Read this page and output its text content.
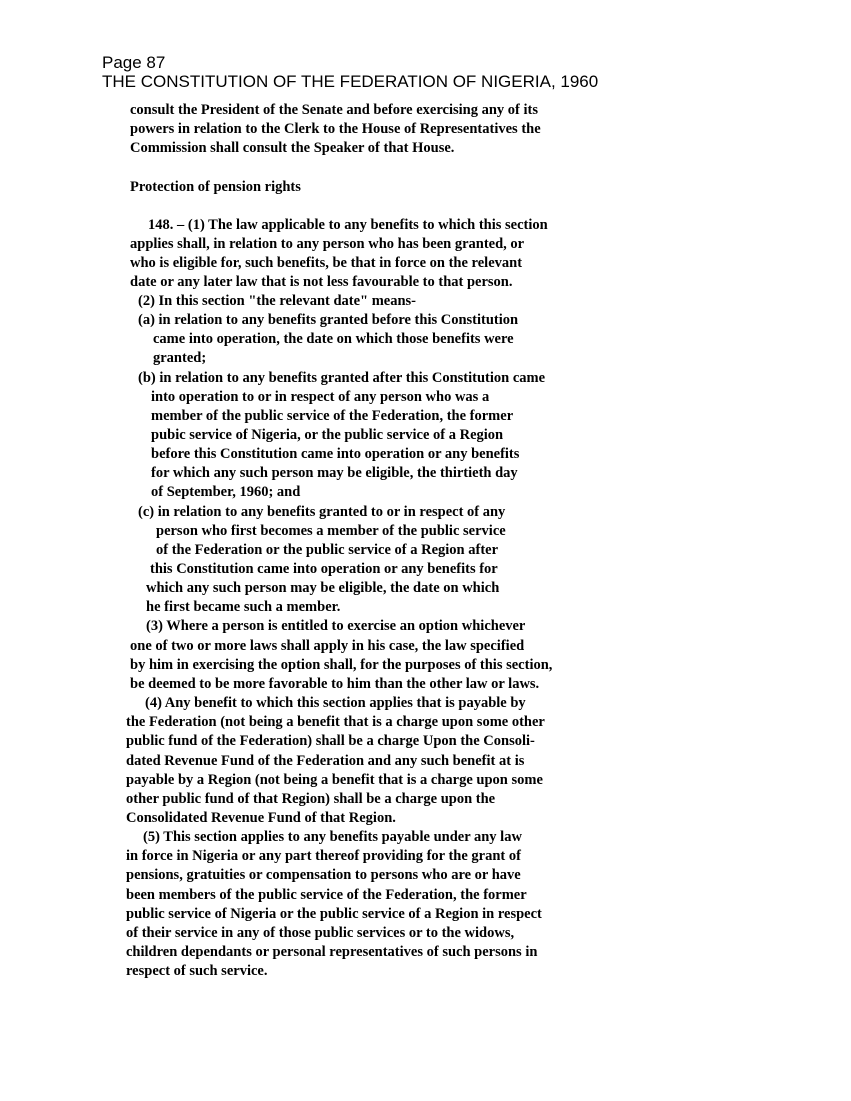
Page 87

THE CONSTITUTION OF THE FEDERATION OF NIGERIA, 1960

consult the President of the Senate and before exercising any of its

powers in relation to the Clerk to the House of Representatives the

Commission shall consult the Speaker of that House.

Protection of pension rights

148. – (1) The law applicable to any benefits to which this section

applies shall, in relation to any person who has been granted, or

who is eligible for, such benefits, be that in force on the relevant

date or any later law that is not less favourable to that person.

(2) In this section "the relevant date" means-

(a) in relation to any benefits granted before this Constitution

came into operation, the date on which those benefits were

granted;

(b) in relation to any benefits granted after this Constitution came

into operation to or in respect of any person who was a

member of the public service of the Federation, the former

pubic service of Nigeria, or the public service of a Region

before this Constitution came into operation or any benefits

for which any such person may be eligible, the thirtieth day

of September, 1960; and

(c) in relation to any benefits granted to or in respect of any

person who first becomes a member of the public service

of the Federation or the public service of a Region after

this Constitution came into operation or any benefits for

which any such person may be eligible, the date on which

he first became such a member.

(3) Where a person is entitled to exercise an option whichever

one of two or more laws shall apply in his case, the law specified

by him in exercising the option shall, for the purposes of this section,

be deemed to be more favorable to him than the other law or laws.

(4) Any benefit to which this section applies that is payable by

the Federation (not being a benefit that is a charge upon some other

public fund of the Federation) shall be a charge Upon the Consoli-

dated Revenue Fund of the Federation and any such benefit at is

payable by a Region (not being a benefit that is a charge upon some

other public fund of that Region) shall be a charge upon the

Consolidated Revenue Fund of that Region.

(5) This section applies to any benefits payable under any law

in force in Nigeria or any part thereof providing for the grant of

pensions, gratuities or compensation to persons who are or have

been members of the public service of the Federation, the former

public service of Nigeria or the public service of a Region in respect

of their service in any of those public services or to the widows,

children dependants or personal representatives of such persons in

respect of such service.
